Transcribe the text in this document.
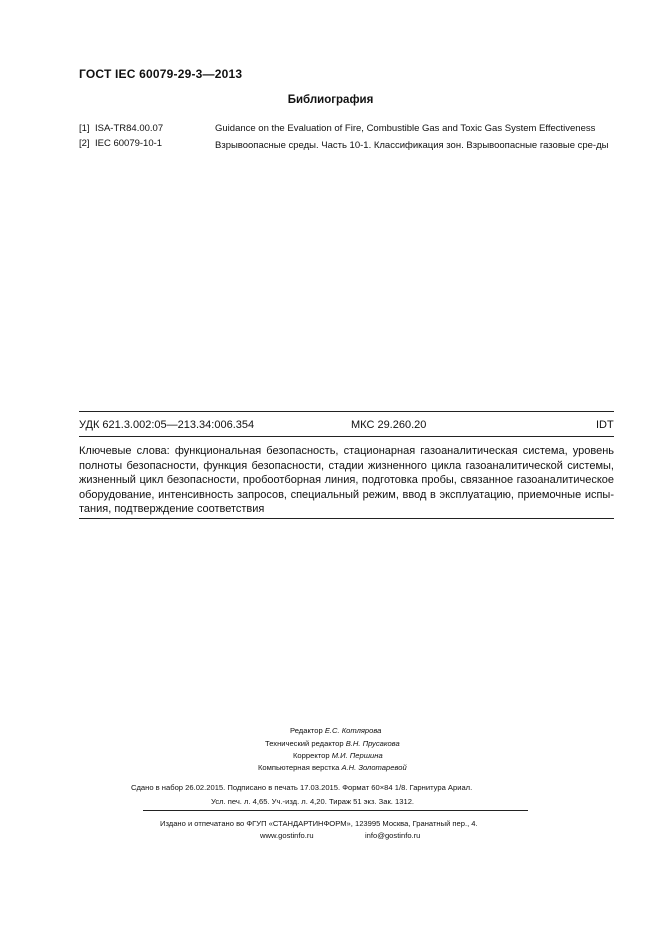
ГОСТ IEC 60079-29-3—2013
Библиография
[1] ISA-TR84.00.07	Guidance on the Evaluation of Fire, Combustible Gas and Toxic Gas System Effectiveness
[2] IEC 60079-10-1	Взрывоопасные среды. Часть 10-1. Классификация зон. Взрывоопасные газовые сре-ды
УДК 621.3.002:05—213.34:006.354	МКС 29.260.20	IDT
Ключевые слова: функциональная безопасность, стационарная газоаналитическая система, уровень полноты безопасности, функция безопасности, стадии жизненного цикла газоаналитической системы, жизненный цикл безопасности, пробоотборная линия, подготовка пробы, связанное газоаналитическое оборудование, интенсивность запросов, специальный режим, ввод в эксплуатацию, приемочные испы-тания, подтверждение соответствия
Редактор Е.С. Котлярова
Технический редактор В.Н. Прусакова
Корректор М.И. Першина
Компьютерная верстка А.Н. Золотаревой
Сдано в набор 26.02.2015. Подписано в печать 17.03.2015. Формат 60×84 1/8. Гарнитура Ариал.
Усл. печ. л. 4,65. Уч.-изд. л. 4,20. Тираж 51 экз. Зак. 1312.
Издано и отпечатано во ФГУП «СТАНДАРТИНФОРМ», 123995 Москва, Гранатный пер., 4.
www.gostinfo.ru	info@gostinfo.ru
